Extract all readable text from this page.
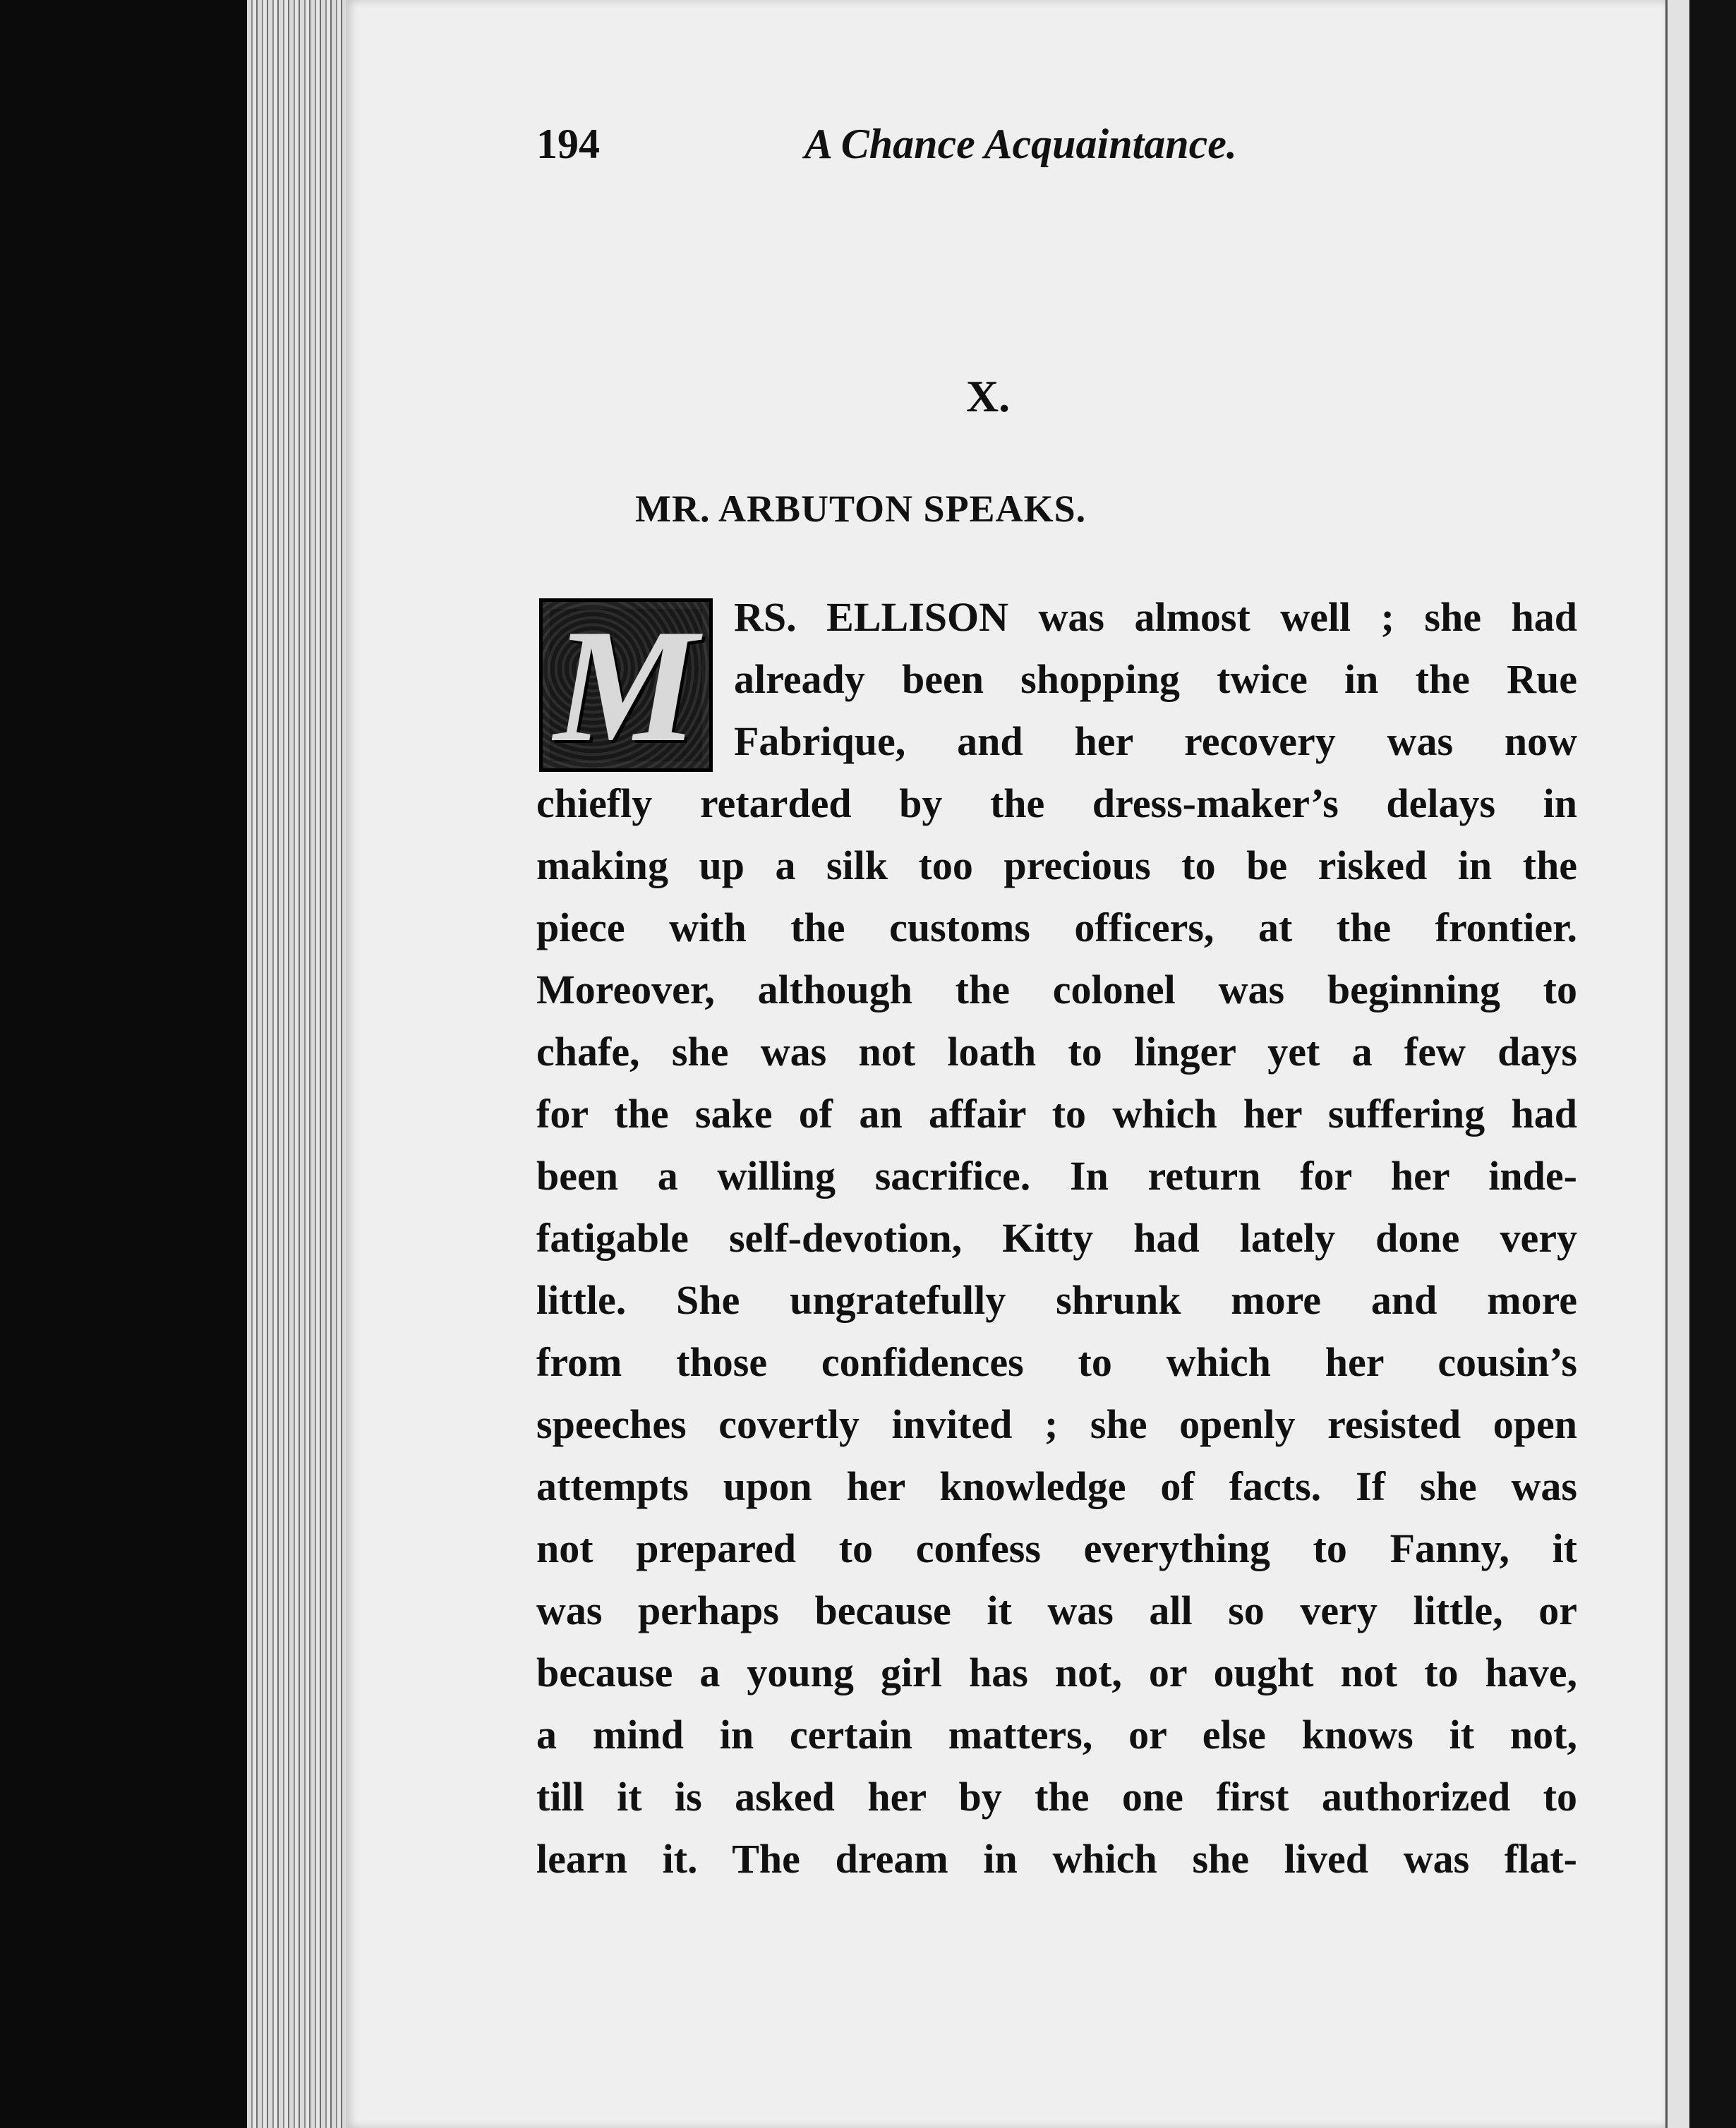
194	A Chance Acquaintance.
X.
MR. ARBUTON SPEAKS.
M RS. ELLISON was almost well ; she had
already been shopping twice in the Rue
Fabrique, and her recovery was now
chiefly retarded by the dress-maker’s delays in
making up a silk too precious to be risked in the
piece with the customs officers, at the frontier.
Moreover, although the colonel was beginning to
chafe, she was not loath to linger yet a few days
for the sake of an affair to which her suffering had
been a willing sacrifice. In return for her inde-
fatigable self-devotion, Kitty had lately done very
little. She ungratefully shrunk more and more
from those confidences to which her cousin’s
speeches covertly invited ; she openly resisted open
attempts upon her knowledge of facts. If she was
not prepared to confess everything to Fanny, it
was perhaps because it was all so very little, or
because a young girl has not, or ought not to have,
a mind in certain matters, or else knows it not,
till it is asked her by the one first authorized to
learn it. The dream in which she lived was flat-
